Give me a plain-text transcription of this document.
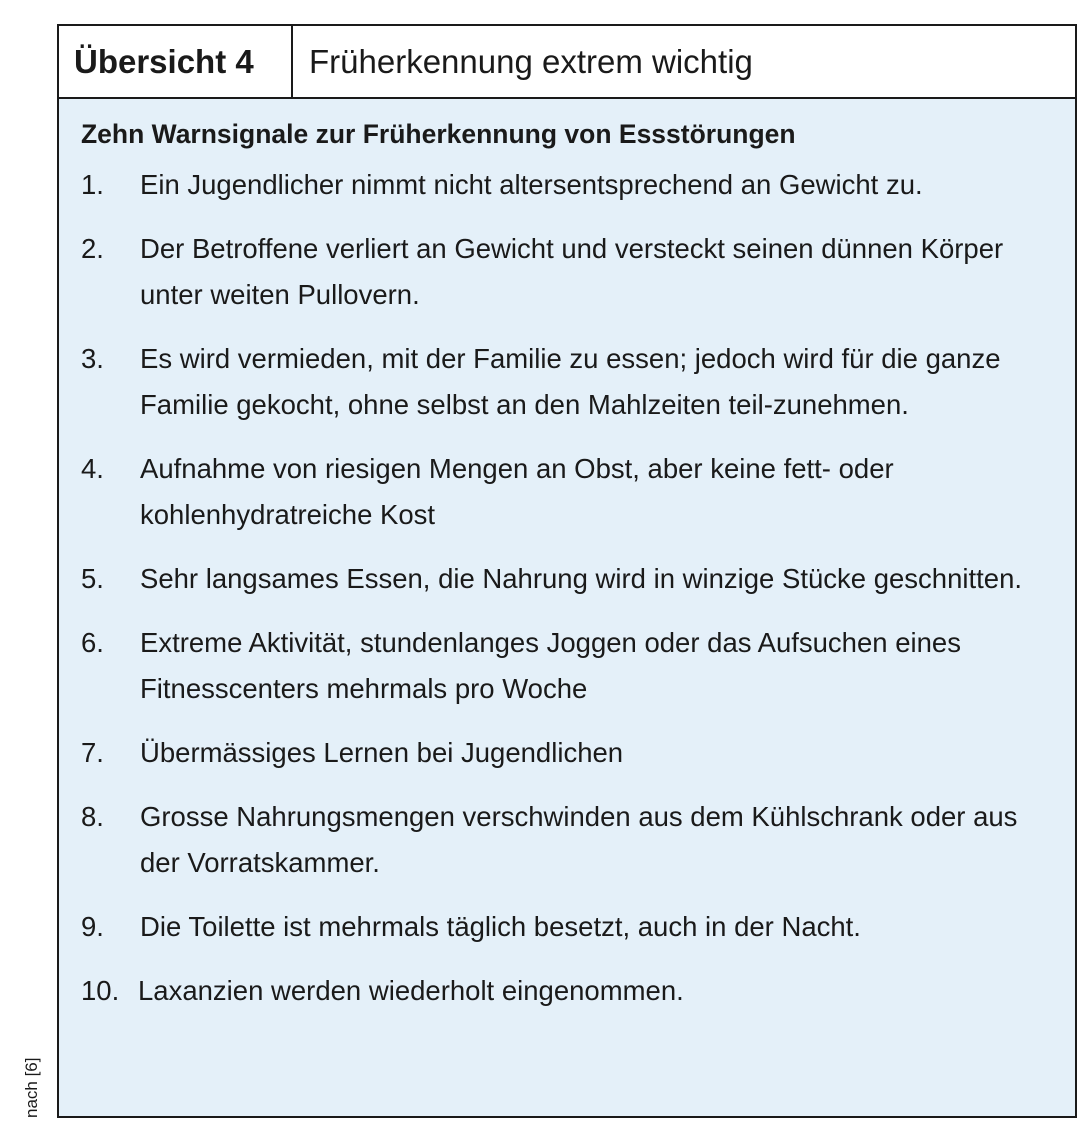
Übersicht 4	Früherkennung extrem wichtig
Zehn Warnsignale zur Früherkennung von Essstörungen
1. Ein Jugendlicher nimmt nicht altersentsprechend an Gewicht zu.
2. Der Betroffene verliert an Gewicht und versteckt seinen dünnen Körper unter weiten Pullovern.
3. Es wird vermieden, mit der Familie zu essen; jedoch wird für die ganze Familie gekocht, ohne selbst an den Mahlzeiten teil-zunehmen.
4. Aufnahme von riesigen Mengen an Obst, aber keine fett- oder kohlenhydratreiche Kost
5. Sehr langsames Essen, die Nahrung wird in winzige Stücke geschnitten.
6. Extreme Aktivität, stundenlanges Joggen oder das Aufsuchen eines Fitnesscenters mehrmals pro Woche
7. Übermässiges Lernen bei Jugendlichen
8. Grosse Nahrungsmengen verschwinden aus dem Kühlschrank oder aus der Vorratskammer.
9. Die Toilette ist mehrmals täglich besetzt, auch in der Nacht.
10. Laxanzien werden wiederholt eingenommen.
nach [6]
